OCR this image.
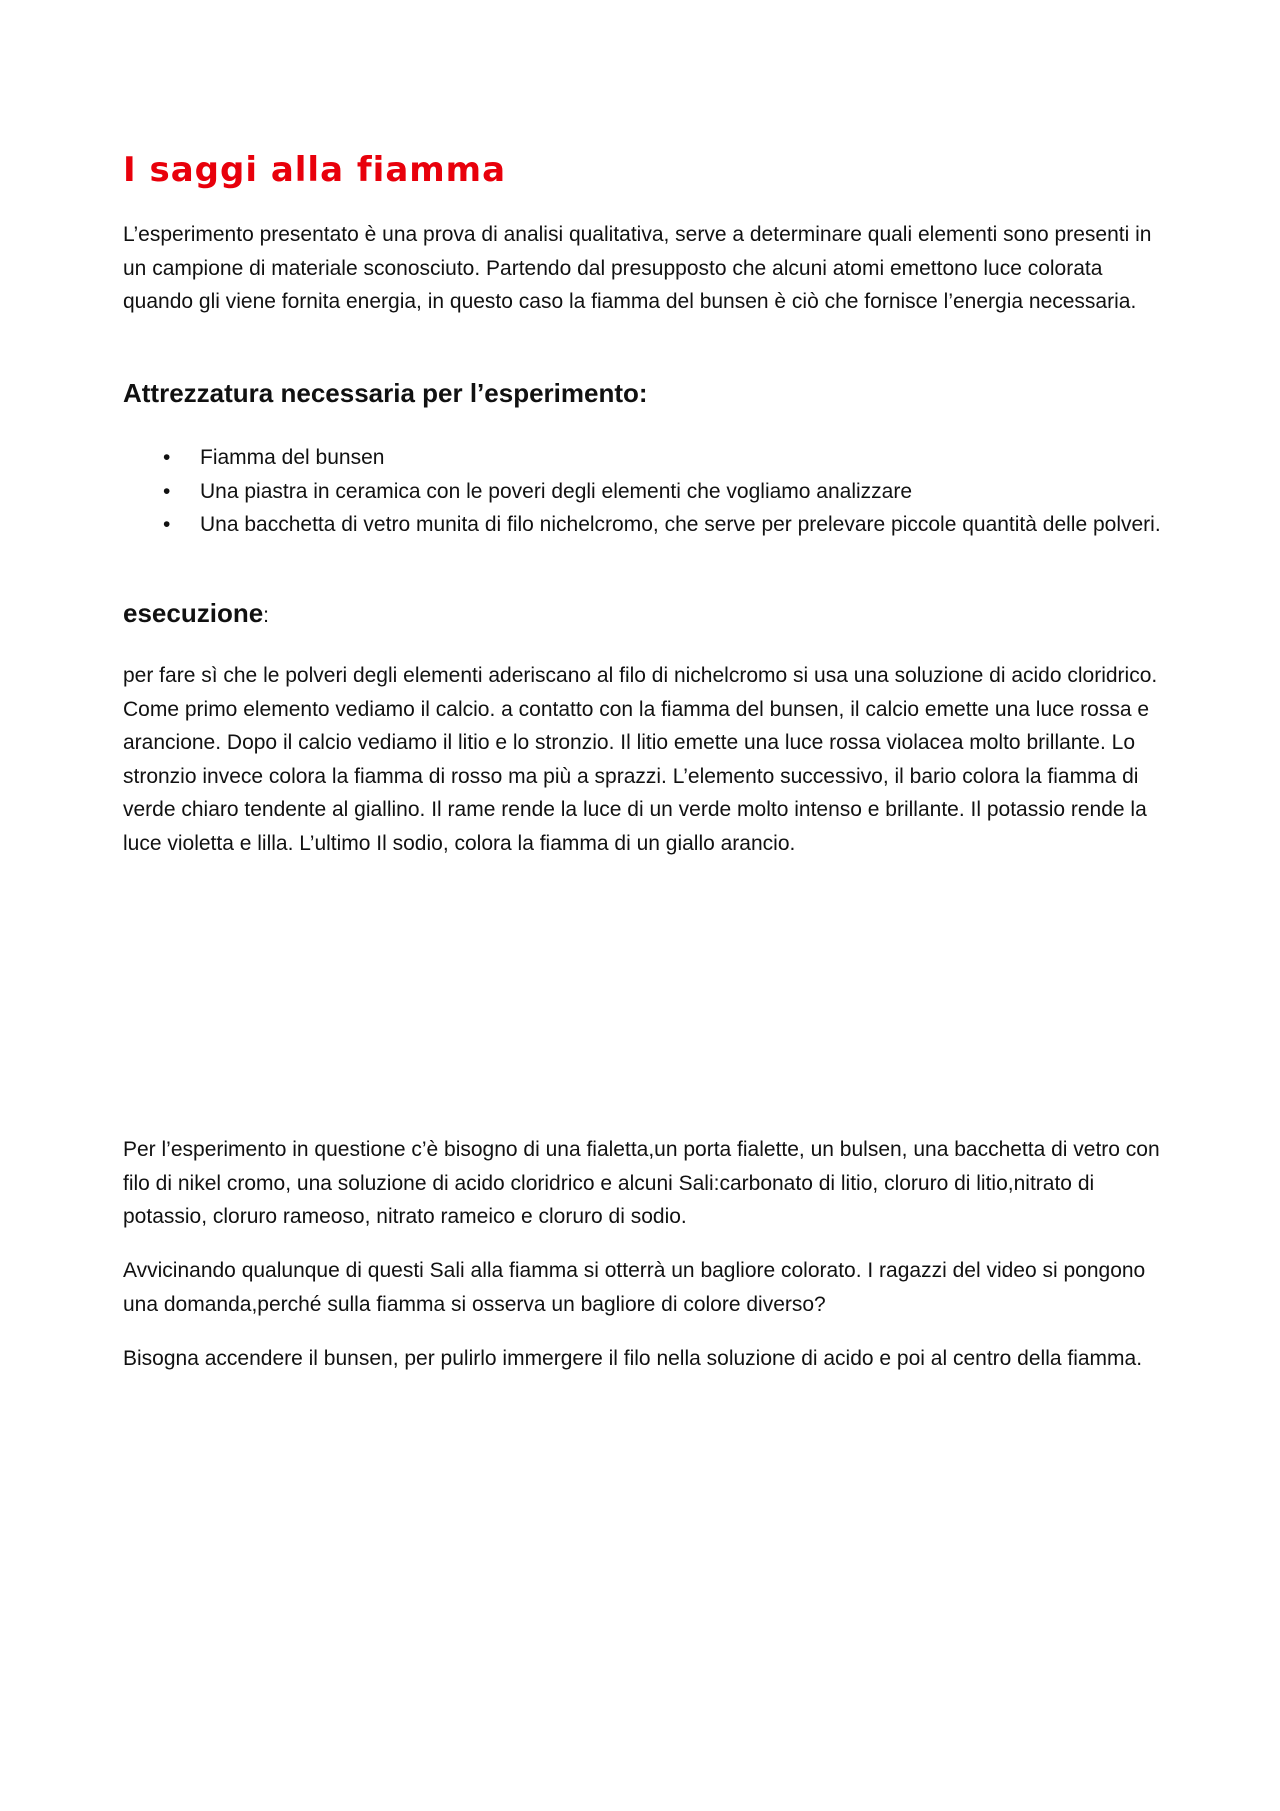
I saggi alla fiamma

L’esperimento presentato è una prova di analisi qualitativa, serve a determinare quali elementi sono presenti in un campione di materiale sconosciuto. Partendo dal presupposto che alcuni atomi emettono luce colorata quando gli viene fornita energia, in questo caso la fiamma del bunsen è ciò che fornisce l’energia necessaria.

Attrezzatura necessaria per l’esperimento:
• Fiamma del bunsen
• Una piastra in ceramica con le poveri degli elementi che vogliamo analizzare
• Una bacchetta di vetro munita di filo nichelcromo, che serve per prelevare piccole quantità delle polveri.
esecuzione:

per fare sì che le polveri degli elementi aderiscano al filo di nichelcromo si usa una soluzione di acido cloridrico. Come primo elemento vediamo il calcio. a contatto con la fiamma del bunsen, il calcio emette una luce rossa e arancione. Dopo il calcio vediamo il litio e lo stronzio. Il litio emette una luce rossa violacea molto brillante. Lo stronzio invece colora la fiamma di rosso ma più a sprazzi. L’elemento successivo, il bario colora la fiamma di verde chiaro tendente al giallino. Il rame rende la luce di un verde molto intenso e brillante. Il potassio rende la luce violetta e lilla. L’ultimo Il sodio, colora la fiamma di un giallo arancio.

Per l’esperimento in questione c’è bisogno di una fialetta,un porta fialette, un bulsen, una bacchetta di vetro con filo di nikel cromo, una soluzione di acido cloridrico e alcuni Sali:carbonato di litio, cloruro di litio,nitrato di potassio, cloruro rameoso, nitrato rameico e cloruro di sodio.

Avvicinando qualunque di questi Sali alla fiamma si otterrà un bagliore colorato. I ragazzi del video si pongono una domanda,perché sulla fiamma si osserva un bagliore di colore diverso?

Bisogna accendere il bunsen, per pulirlo immergere il filo nella soluzione di acido e poi al centro della fiamma.
